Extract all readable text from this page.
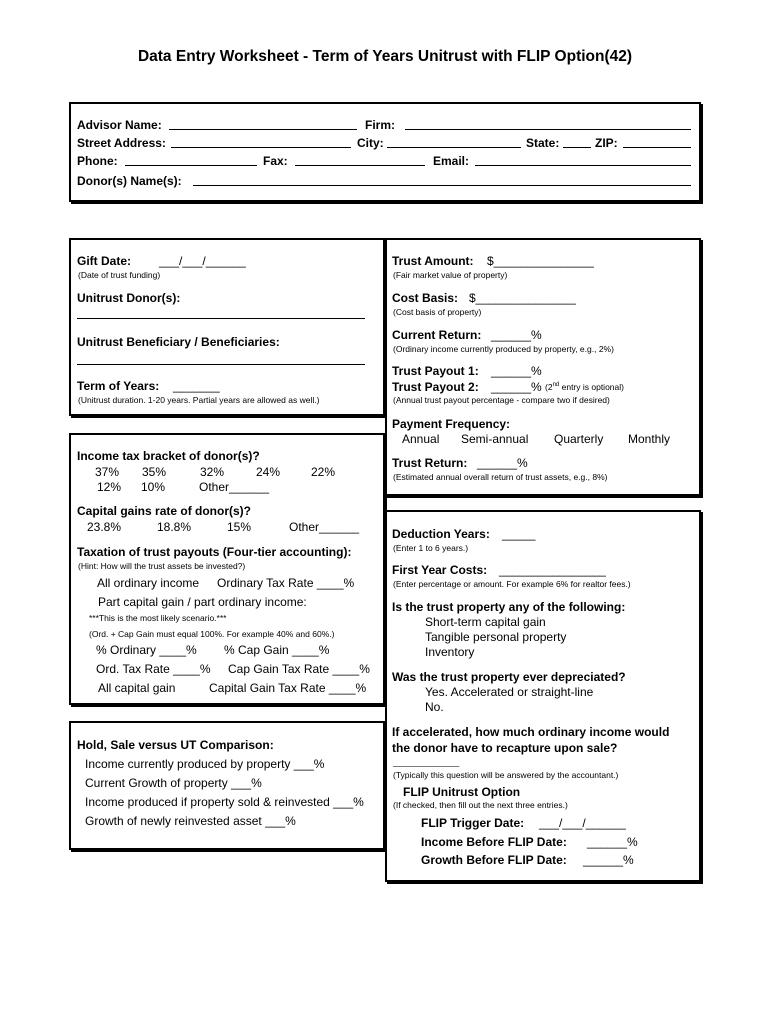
Data Entry Worksheet - Term of Years Unitrust with FLIP Option(42)
Advisor Name:	Firm:
Street Address:	City:	State:	ZIP:
Phone:	Fax:	Email:
Donor(s) Name(s):
Gift Date: ___/___/______
(Date of trust funding)
Unitrust Donor(s):
Unitrust Beneficiary / Beneficiaries:
Term of Years: _______
(Unitrust duration. 1-20 years. Partial years are allowed as well.)
Income tax bracket of donor(s)?
37% 35%	32%	24%	22%
12% 10%	Other______
Capital gains rate of donor(s)?
23.8%	18.8%	15%	Other______
Taxation of trust payouts (Four-tier accounting):
(Hint: How will the trust assets be invested?)
All ordinary income Ordinary Tax Rate ____%
Part capital gain / part ordinary income:
***This is the most likely scenario.***
(Ord. + Cap Gain must equal 100%. For example 40% and 60%.)
% Ordinary ____% % Cap Gain ____%
Ord. Tax Rate ____% Cap Gain Tax Rate ____%
All capital gain	Capital Gain Tax Rate ____%
Hold, Sale versus UT Comparison:
Income currently produced by property ___%
Current Growth of property ___%
Income produced if property sold & reinvested ___%
Growth of newly reinvested asset ___%
Trust Amount: $_______________
(Fair market value of property)
Cost Basis: $_______________
(Cost basis of property)
Current Return: ______%
(Ordinary income currently produced by property, e.g., 2%)
Trust Payout 1: ______%
Trust Payout 2: ______% (2nd entry is optional)
(Annual trust payout percentage - compare two if desired)
Payment Frequency:
Annual Semi-annual Quarterly Monthly
Trust Return: ______%
(Estimated annual overall return of trust assets, e.g., 8%)
Deduction Years: _____
(Enter 1 to 6 years.)
First Year Costs: ________________
(Enter percentage or amount. For example 6% for realtor fees.)
Is the trust property any of the following:
Short-term capital gain
Tangible personal property
Inventory
Was the trust property ever depreciated?
Yes. Accelerated or straight-line
No.
If accelerated, how much ordinary income would
the donor have to recapture upon sale?
______________
(Typically this question will be answered by the accountant.)
FLIP Unitrust Option
(If checked, then fill out the next three entries.)
FLIP Trigger Date: ___/___/______
Income Before FLIP Date: ______%
Growth Before FLIP Date: ______%
